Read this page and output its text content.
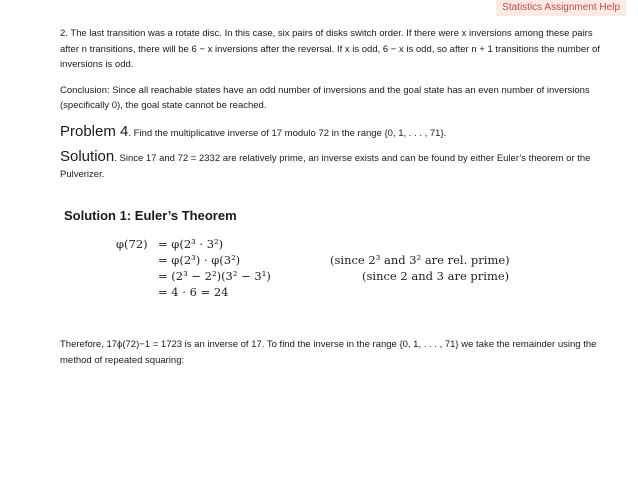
Statistics Assignment Help

2. The last transition was a rotate disc. In this case, six pairs of disks switch order. If there were x inversions among these pairs after n transitions, there will be 6 − x inversions after the reversal. If x is odd, 6 − x is odd, so after n + 1 transitions the number of inversions is odd.

Conclusion: Since all reachable states have an odd number of inversions and the goal state has an even number of inversions (specifically 0), the goal state cannot be reached.

Problem 4. Find the multiplicative inverse of 17 modulo 72 in the range {0, 1, . . . , 71}.

Solution. Since 17 and 72 = 2332 are relatively prime, an inverse exists and can be found by either Euler’s theorem or the Pulverizer.

Solution 1: Euler’s Theorem
φ(72) = φ(2³ · 3²)
= φ(2³) · φ(3²)	(since 2³ and 3² are rel. prime)
= (2³ − 2²)(3² − 3¹)	(since 2 and 3 are prime)
= 4 · 6 = 24

Therefore, 17ϕ(72)−1 = 1723 is an inverse of 17. To find the inverse in the range {0, 1, . . . , 71} we take the remainder using the method of repeated squaring:
